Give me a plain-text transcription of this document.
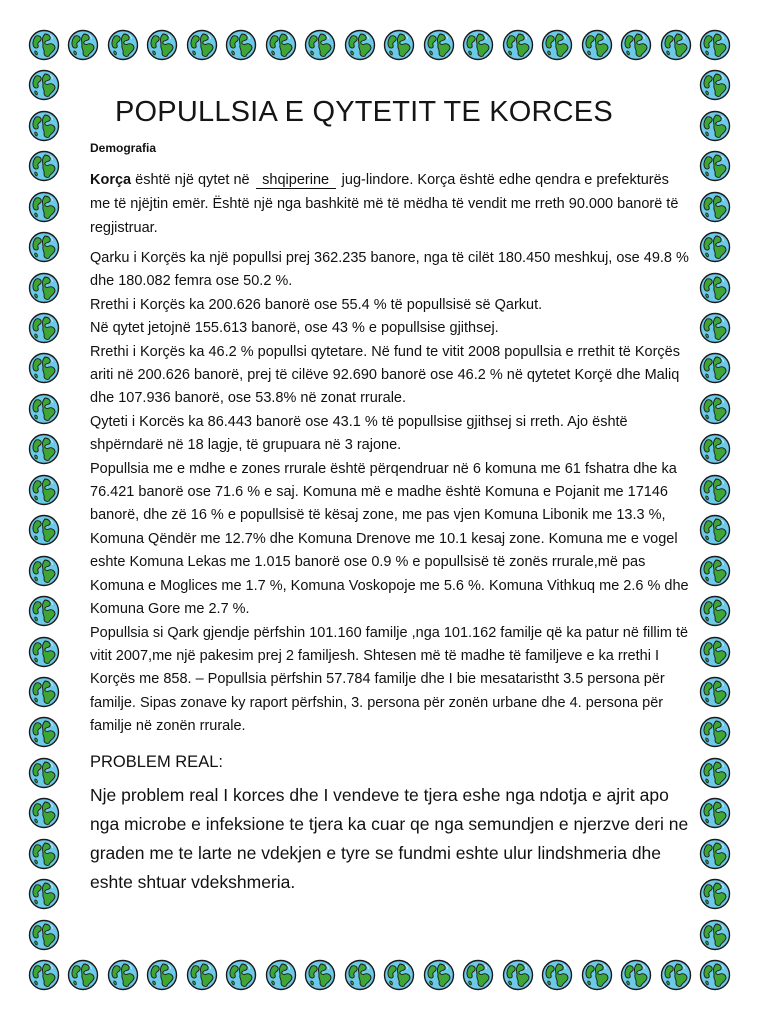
POPULLSIA E QYTETIT TE KORCES
Demografia

Korça është një qytet në shqiperine jug-lindore. Korça është edhe qendra e prefekturës me të njëjtin emër. Është një nga bashkitë më të mëdha të vendit me rreth 90.000 banorë të regjistruar.

Qarku i Korçës ka një popullsi prej 362.235 banore, nga të cilët 180.450 meshkuj, ose 49.8 % dhe 180.082 femra ose 50.2 %.

Rrethi i Korçës ka 200.626 banorë ose 55.4 % të popullsisë së Qarkut.

Në qytet jetojnë 155.613 banorë, ose 43 % e popullsise gjithsej.

Rrethi i Korçës ka 46.2 % popullsi qytetare. Në fund te vitit 2008 popullsia e rrethit të Korçës ariti në 200.626 banorë, prej të cilëve 92.690 banorë ose 46.2 % në qytetet Korçë dhe Maliq dhe 107.936 banorë, ose 53.8% në zonat rrurale.

Qyteti i Korcës ka 86.443 banorë ose 43.1 % të popullsise gjithsej si rreth. Ajo është shpërndarë në 18 lagje, të grupuara në 3 rajone.

Popullsia me e mdhe e zones rrurale është përqendruar në 6 komuna me 61 fshatra dhe ka 76.421 banorë ose 71.6 % e saj. Komuna më e madhe është Komuna e Pojanit me 17146 banorë, dhe zë 16 % e popullsisë të kësaj zone, me pas vjen Komuna Libonik me 13.3 %, Komuna Qëndër me 12.7% dhe Komuna Drenove me 10.1 kesaj zone. Komuna me e vogel eshte Komuna Lekas me 1.015 banorë ose 0.9 % e popullsisë të zonës rrurale,më pas Komuna e Moglices me 1.7 %, Komuna Voskopoje me 5.6 %. Komuna Vithkuq me 2.6 % dhe Komuna Gore me 2.7 %.

Popullsia si Qark gjendje përfshin 101.160 familje ,nga 101.162 familje që ka patur në fillim të vitit 2007,me një pakesim prej 2 familjesh. Shtesen më të madhe të familjeve e ka rrethi I Korçës me 858. – Popullsia përfshin 57.784 familje dhe I bie mesataristht 3.5 persona për familje. Sipas zonave ky raport përfshin, 3. persona për zonën urbane dhe 4. persona për familje në zonën rrurale.

PROBLEM REAL:

Nje problem real I korces dhe I vendeve te tjera eshe nga ndotja e ajrit apo nga microbe e infeksione te tjera ka cuar qe nga semundjen e njerzve deri ne graden me te larte ne vdekjen e tyre se fundmi eshte ulur lindshmeria dhe eshte shtuar vdekshmeria.
